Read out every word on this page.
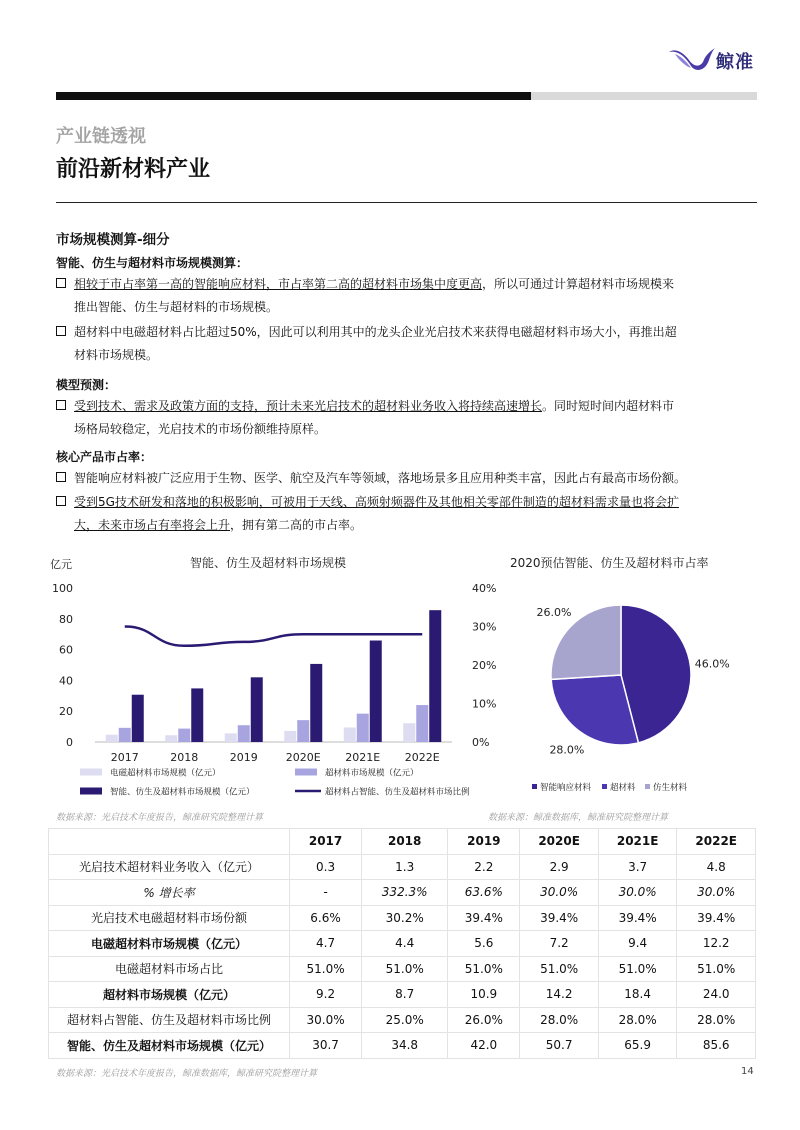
鲸准
产业链透视
前沿新材料产业
市场规模测算-细分
智能、仿生与超材料市场规模测算：
相较于市占率第一高的智能响应材料，市占率第二高的超材料市场集中度更高，所以可通过计算超材料市场规模来
推出智能、仿生与超材料的市场规模。
超材料中电磁超材料占比超过50%，因此可以利用其中的龙头企业光启技术来获得电磁超材料市场大小，再推出超
材料市场规模。
模型预测：
受到技术、需求及政策方面的支持，预计未来光启技术的超材料业务收入将持续高速增长。同时短时间内超材料市
场格局较稳定，光启技术的市场份额维持原样。
核心产品市占率：
智能响应材料被广泛应用于生物、医学、航空及汽车等领域，落地场景多且应用种类丰富，因此占有最高市场份额。
受到5G技术研发和落地的积极影响，可被用于天线、高频射频器件及其他相关零部件制造的超材料需求量也将会扩
大，未来市场占有率将会上升，拥有第二高的市占率。
智能、仿生及超材料市场规模
亿元
0
20
40
60
80
100
0%
10%
20%
30%
40%
2017	2018	2019	2020E 2021E 2022E
电磁超材料市场规模（亿元）	超材料市场规模（亿元）
智能、仿生及超材料市场规模（亿元）	超材料占智能、仿生及超材料市场比例
2020预估智能、仿生及超材料市占率
46.0%
28.0%
26.0%
智能响应材料 超材料 仿生材料
数据来源：光启技术年度报告，鲸准研究院整理计算	数据来源：鲸准数据库，鲸准研究院整理计算
	2017	2018	2019	2020E	2021E	2022E
光启技术超材料业务收入（亿元）	0.3	1.3	2.2	2.9	3.7	4.8
% 增长率	-	332.3%	63.6%	30.0%	30.0%	30.0%
光启技术电磁超材料市场份额	6.6%	30.2%	39.4%	39.4%	39.4%	39.4%
电磁超材料市场规模（亿元）	4.7	4.4	5.6	7.2	9.4	12.2
电磁超材料市场占比	51.0%	51.0%	51.0%	51.0%	51.0%	51.0%
超材料市场规模（亿元）	9.2	8.7	10.9	14.2	18.4	24.0
超材料占智能、仿生及超材料市场比例	30.0%	25.0%	26.0%	28.0%	28.0%	28.0%
智能、仿生及超材料市场规模（亿元）	30.7	34.8	42.0	50.7	65.9	85.6
数据来源：光启技术年度报告，鲸准数据库，鲸准研究院整理计算	14
